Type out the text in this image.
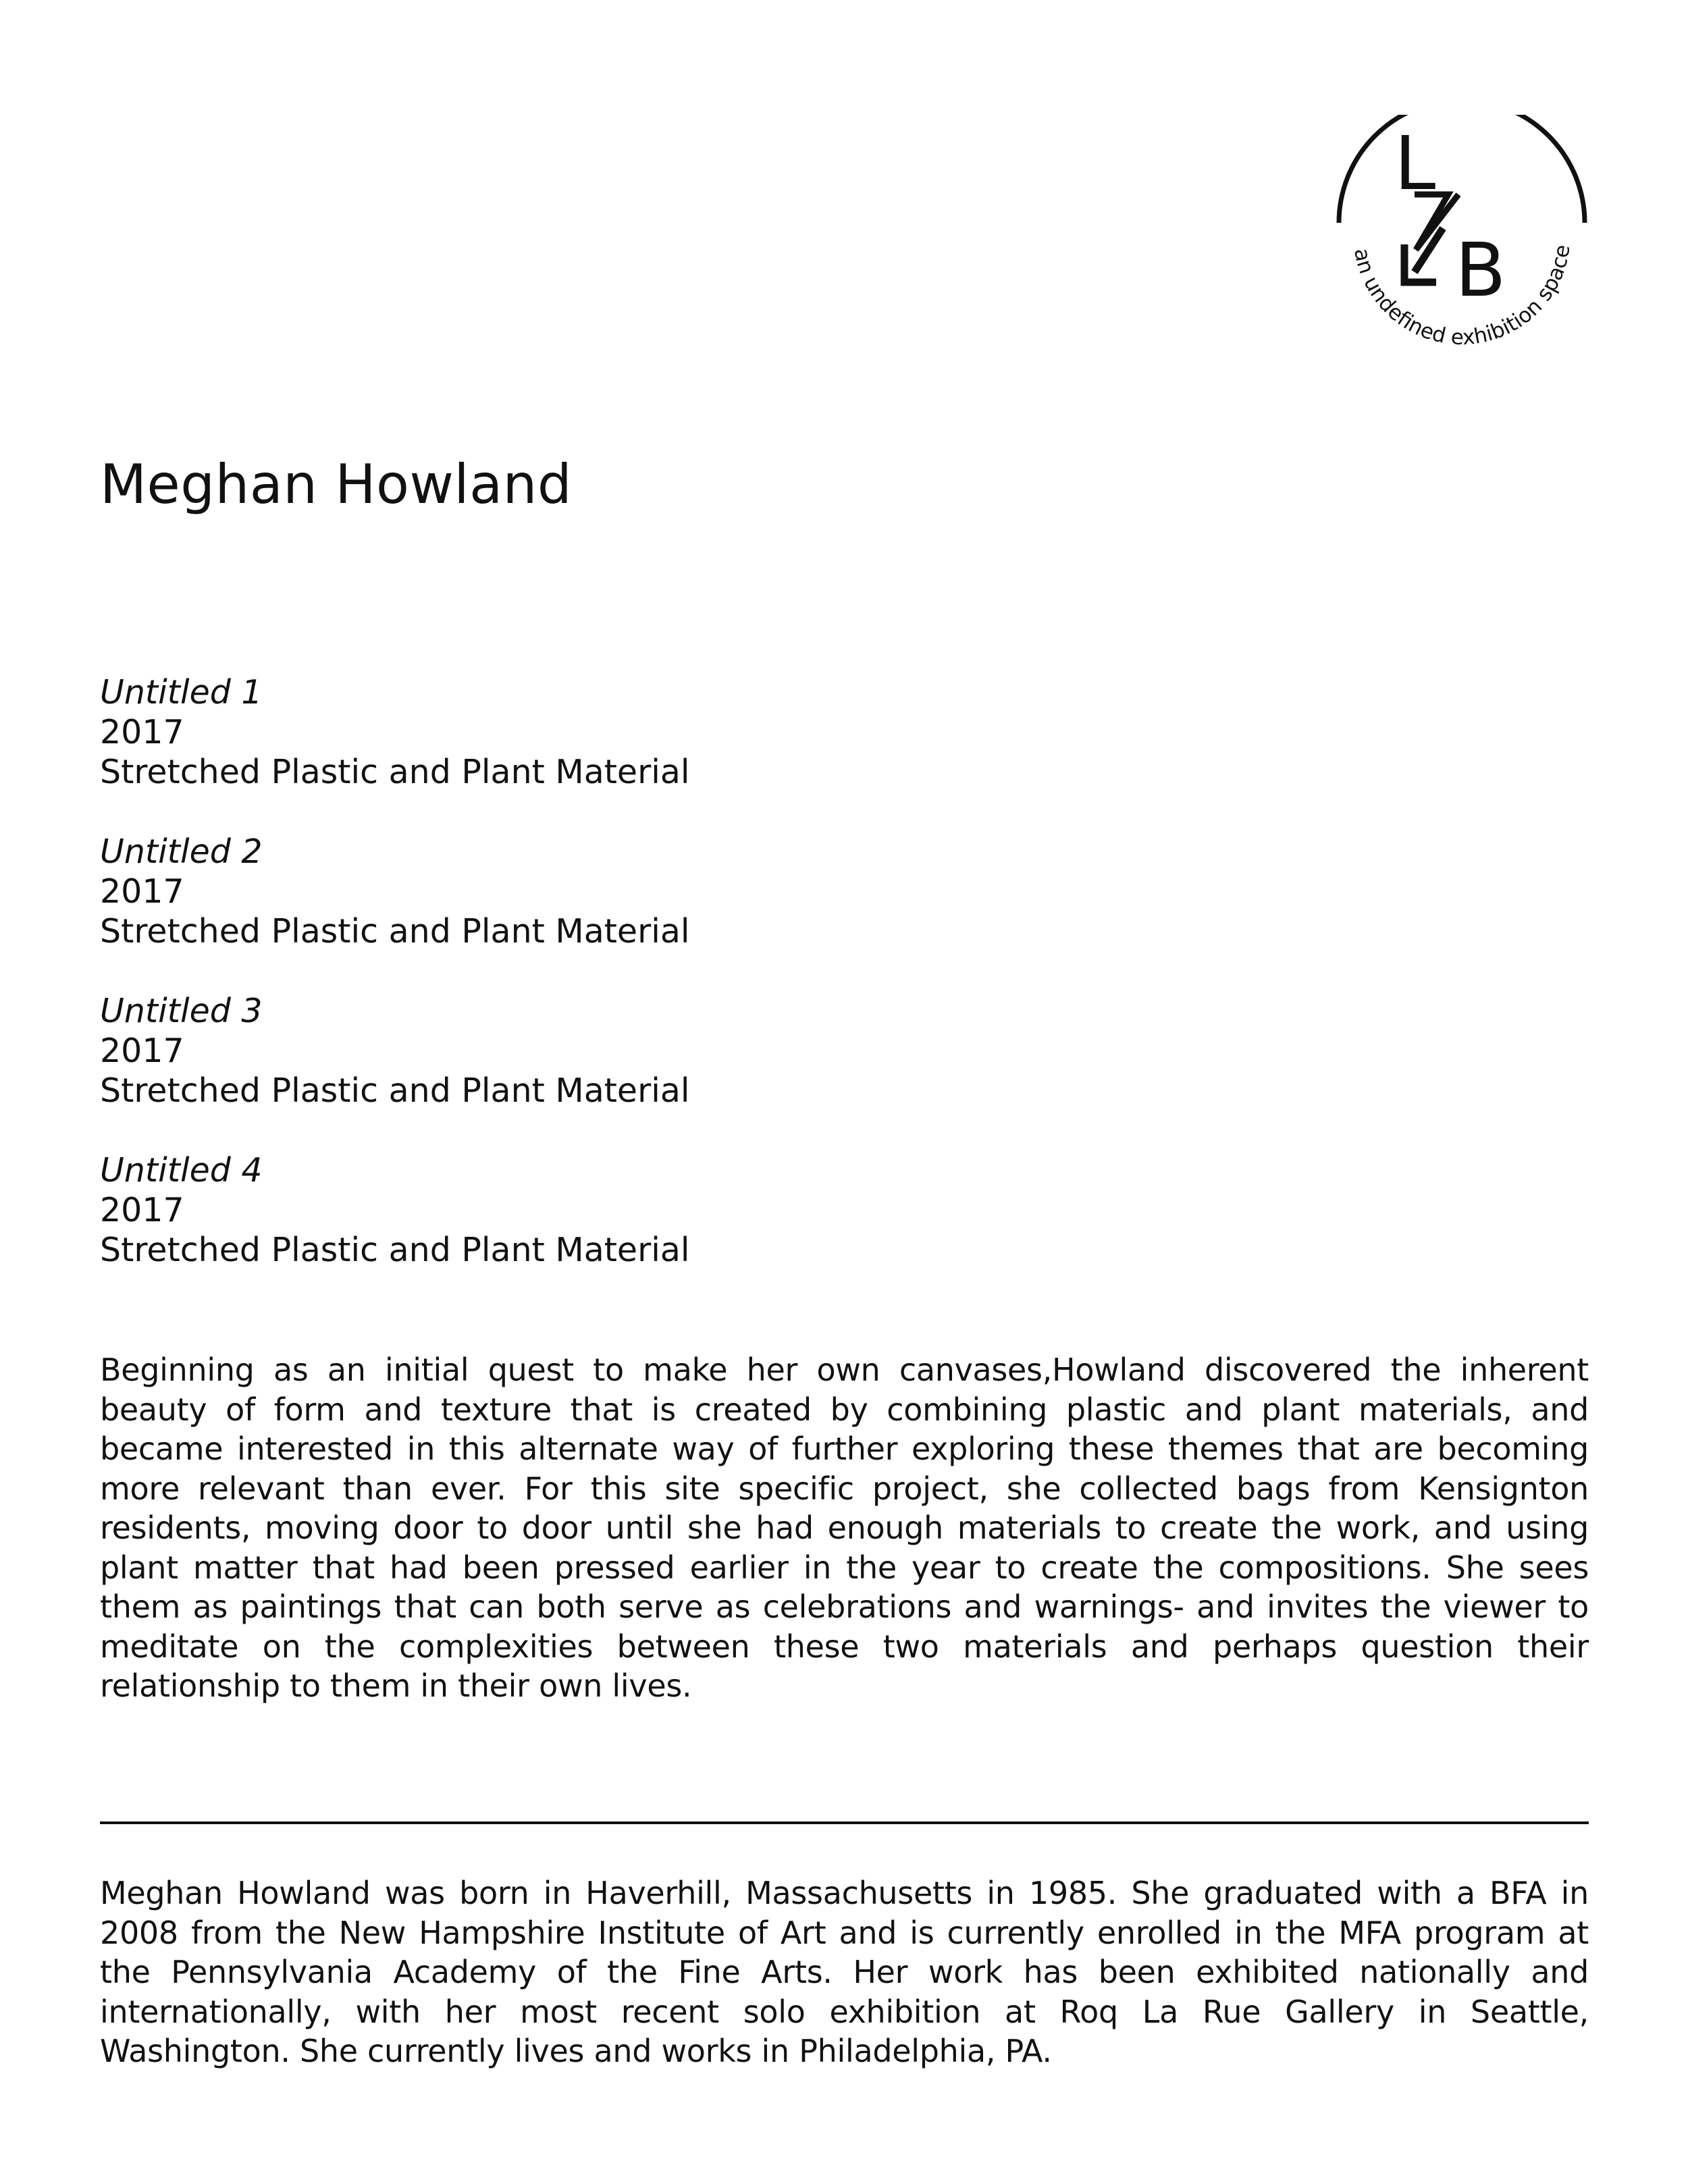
L
B
an undefined exhibition space
Meghan Howland
Untitled 1
2017
Stretched Plastic and Plant Material
Untitled 2
2017
Stretched Plastic and Plant Material
Untitled 3
2017
Stretched Plastic and Plant Material
Untitled 4
2017
Stretched Plastic and Plant Material

Beginning as an initial quest to make her own canvases,Howland discovered the inherent beauty of form and texture that is created by combining plastic and plant materials, and became interested in this alternate way of further exploring these themes that are becoming more relevant than ever. For this site specific project, she collected bags from Kensignton residents, moving door to door until she had enough materials to create the work, and using plant matter that had been pressed earlier in the year to create the compositions. She sees them as paintings that can both serve as celebrations and warnings- and invites the viewer to meditate on the complexities between these two materials and perhaps question their relationship to them in their own lives.

Meghan Howland was born in Haverhill, Massachusetts in 1985. She graduated with a BFA in 2008 from the New Hampshire Institute of Art and is currently enrolled in the MFA program at the Pennsylvania Academy of the Fine Arts. Her work has been exhibited nationally and internationally, with her most recent solo exhibition at Roq La Rue Gallery in Seattle, Washington. She currently lives and works in Philadelphia, PA.
